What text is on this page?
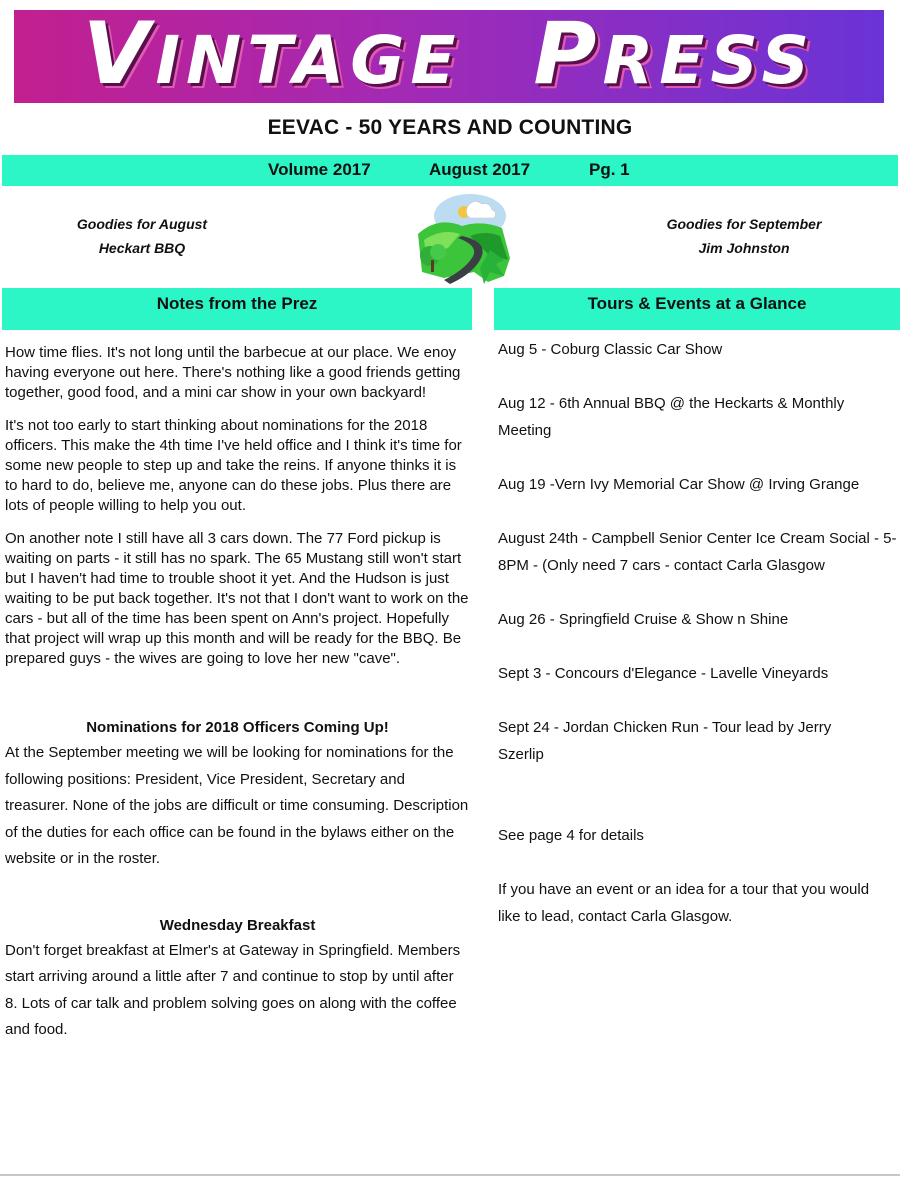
VINTAGE PRESS
EEVAC - 50 YEARS AND COUNTING
Volume 2017	August 2017	Pg. 1
Goodies for August
Heckart BBQ
Goodies for September
Jim Johnston
Notes from the Prez	Tours & Events at a Glance

How time flies. It's not long until the barbecue at our place. We enoy having everyone out here. There's nothing like a good friends getting together, good food, and a mini car show in your own backyard!

It's not too early to start thinking about nominations for the 2018 officers. This make the 4th time I've held office and I think it's time for some new people to step up and take the reins. If anyone thinks it is to hard to do, believe me, anyone can do these jobs. Plus there are lots of people willing to help you out.

On another note I still have all 3 cars down. The 77 Ford pickup is waiting on parts - it still has no spark. The 65 Mustang still won't start but I haven't had time to trouble shoot it yet. And the Hudson is just waiting to be put back together. It's not that I don't want to work on the cars - but all of the time has been spent on Ann's project. Hopefully that project will wrap up this month and will be ready for the BBQ. Be prepared guys - the wives are going to love her new "cave".

Nominations for 2018 Officers Coming Up!

At the September meeting we will be looking for nominations for the following positions: President, Vice President, Secretary and treasurer. None of the jobs are difficult or time consuming. Description of the duties for each office can be found in the bylaws either on the website or in the roster.

Wednesday Breakfast

Don't forget breakfast at Elmer's at Gateway in Springfield. Members start arriving around a little after 7 and continue to stop by until after 8. Lots of car talk and problem solving goes on along with the coffee and food.

Aug 5 - Coburg Classic Car Show
Aug 12 - 6th Annual BBQ @ the Heckarts & Monthly Meeting
Aug 19 -Vern Ivy Memorial Car Show @ Irving Grange
August 24th - Campbell Senior Center Ice Cream Social - 5-8PM - (Only need 7 cars - contact Carla Glasgow
Aug 26 - Springfield Cruise & Show n Shine
Sept 3 - Concours d'Elegance - Lavelle Vineyards
Sept 24 - Jordan Chicken Run - Tour lead by Jerry Szerlip
See page 4 for details
If you have an event or an idea for a tour that you would like to lead, contact Carla Glasgow.
